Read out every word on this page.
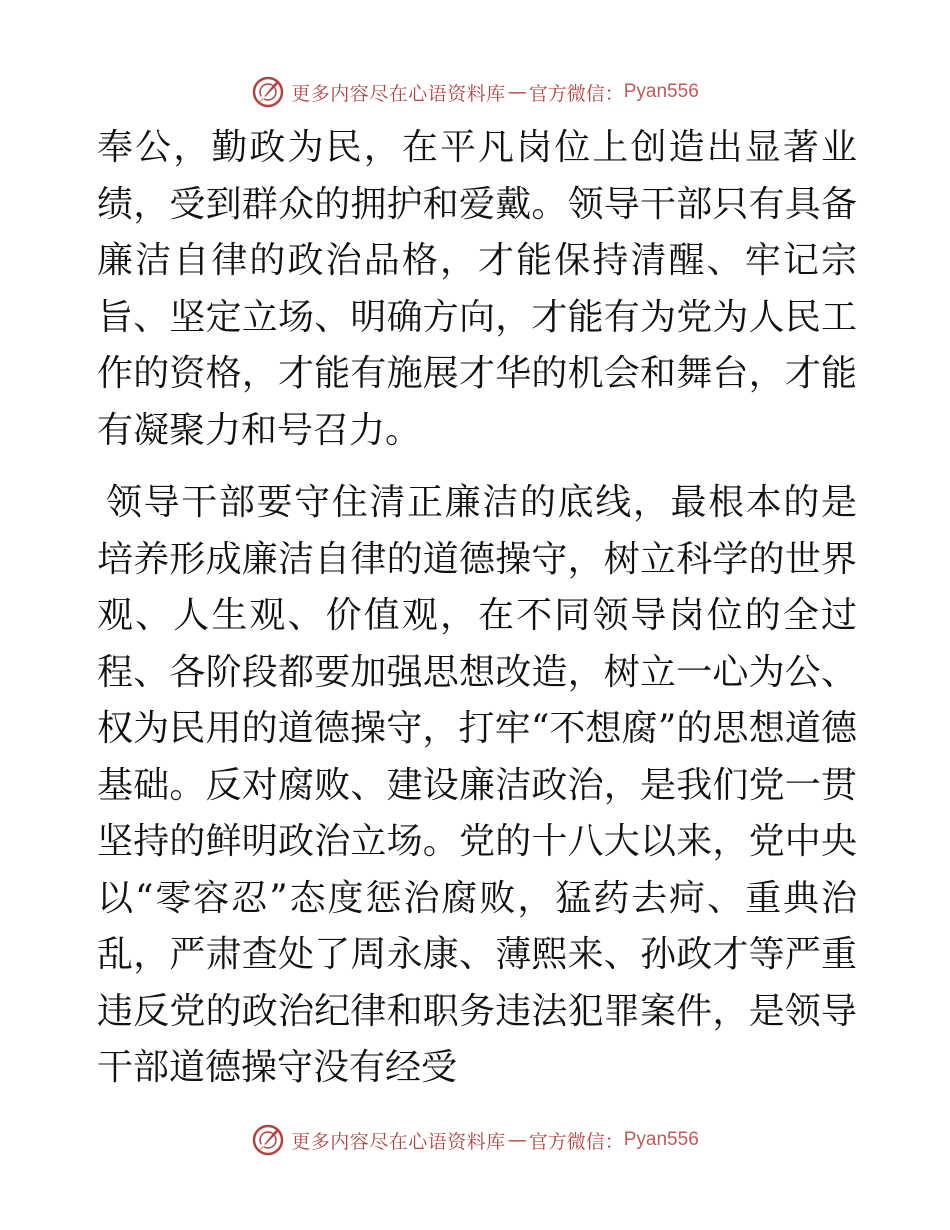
更多内容尽在心语资料库 — 官方微信： Pyan556

奉公，勤政为民，在平凡岗位上创造出显著业绩，受到群众的拥护和爱戴。领导干部只有具备廉洁自律的政治品格，才能保持清醒、牢记宗旨、坚定立场、明确方向，才能有为党为人民工作的资格，才能有施展才华的机会和舞台，才能有凝聚力和号召力。

领导干部要守住清正廉洁的底线，最根本的是培养形成廉洁自律的道德操守，树立科学的世界观、人生观、价值观，在不同领导岗位的全过程、各阶段都要加强思想改造，树立一心为公、权为民用的道德操守，打牢“不想腐”的思想道德基础。反对腐败、建设廉洁政治，是我们党一贯坚持的鲜明政治立场。党的十八大以来，党中央以“零容忍”态度惩治腐败，猛药去疴、重典治乱，严肃查处了周永康、薄熙来、孙政才等严重违反党的政治纪律和职务违法犯罪案件，是领导干部道德操守没有经受

更多内容尽在心语资料库 — 官方微信： Pyan556
